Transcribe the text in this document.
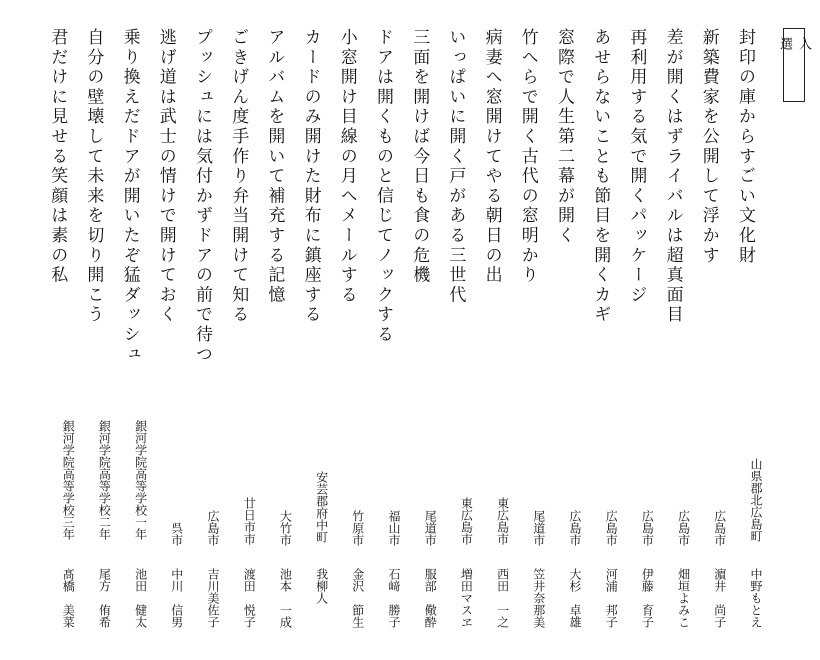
入　選
封印の庫からすごい文化財
山県郡北広島町
中野もとえ
新築費家を公開して浮かす
広島市
濵井　尚子
差が開くはずライバルは超真面目
広島市
畑垣よみこ
再利用する気で開くパッケージ
広島市
伊藤　育子
あせらないことも節目を開くカギ
広島市
河浦　邦子
窓際で人生第二幕が開く
広島市
大杉　卓雄
竹へらで開く古代の窓明かり
尾道市
笠井奈那美
病妻へ窓開けてやる朝日の出
東広島市
西田　一之
いっぱいに開く戸がある三世代
東広島市
増田マスヱ
三面を開けば今日も食の危機
尾道市
服部　儆酔
ドアは開くものと信じてノックする
福山市
石﨑　勝子
小窓開け目線の月へメールする
竹原市
金沢　節生
カードのみ開けた財布に鎮座する
安芸郡府中町
我柳人
アルバムを開いて補充する記憶
大竹市
池本　一成
ごきげん度手作り弁当開けて知る
廿日市市
渡田　悦子
プッシュには気付かずドアの前で待つ
広島市
吉川美佐子
逃げ道は武士の情けで開けておく
呉市
中川　信男
乗り換えだドアが開いたぞ猛ダッシュ
銀河学院高等学校一年
池田　健太
自分の壁壊して未来を切り開こう
銀河学院高等学校二年
尾方　侑希
君だけに見せる笑顔は素の私
銀河学院高等学校三年
髙橋　美菜
